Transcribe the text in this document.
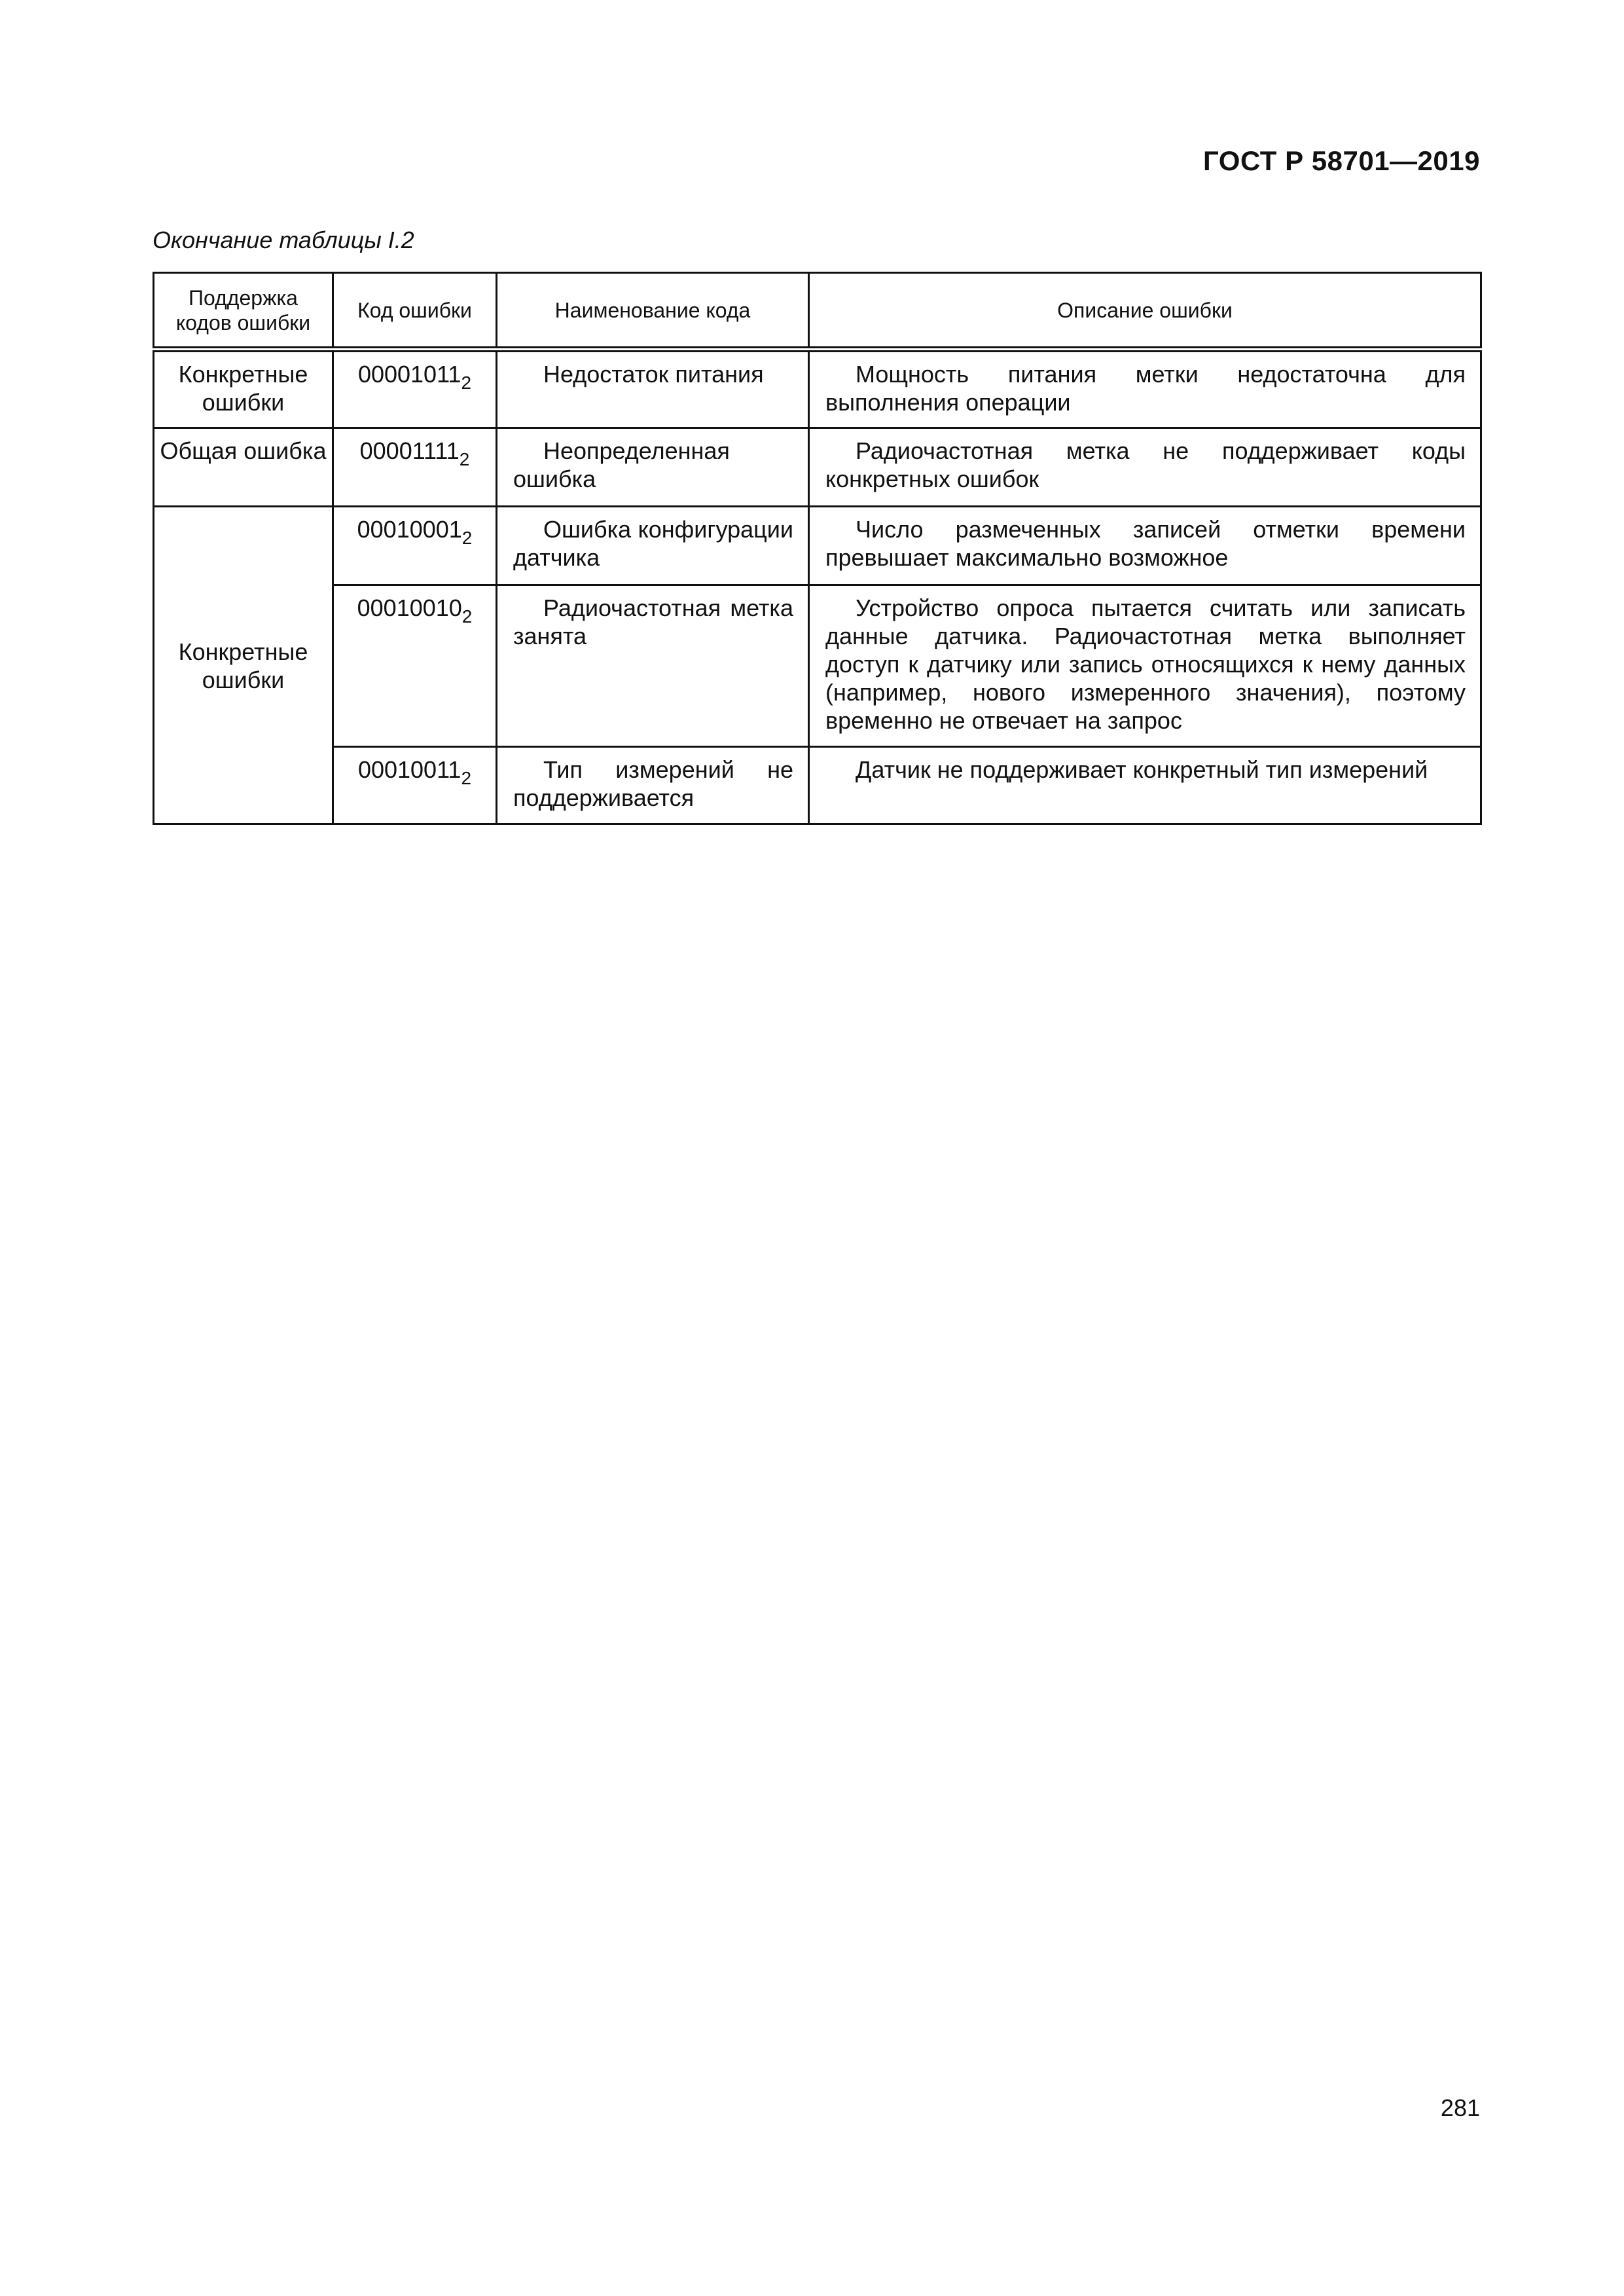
ГОСТ Р 58701—2019
Окончание таблицы I.2
Поддержка кодов ошибки	Код ошибки	Наименование кода	Описание ошибки
Конкретные ошибки	$00001011_2$	Недостаток питания	Мощность питания метки недостаточна для выполнения операции

Общая ошибка	$00001111_2$	Неопределенная ошибка	Радиочастотная метка не поддерживает коды конкретных ошибок

Конкретные ошибки	$00010001_2$	Ошибка конфигурации датчика	Число размеченных записей отметки времени превышает максимально возможное

	$00010010_2$	Радиочастотная метка занята	Устройство опроса пытается считать или записать данные датчика. Радиочастотная метка выполняет доступ к датчику или запись относящихся к нему данных (например, нового измеренного значения), поэтому временно не отвечает на запрос

	$00010011_2$	Тип измерений не поддерживается	Датчик не поддерживает конкретный тип измерений
281
